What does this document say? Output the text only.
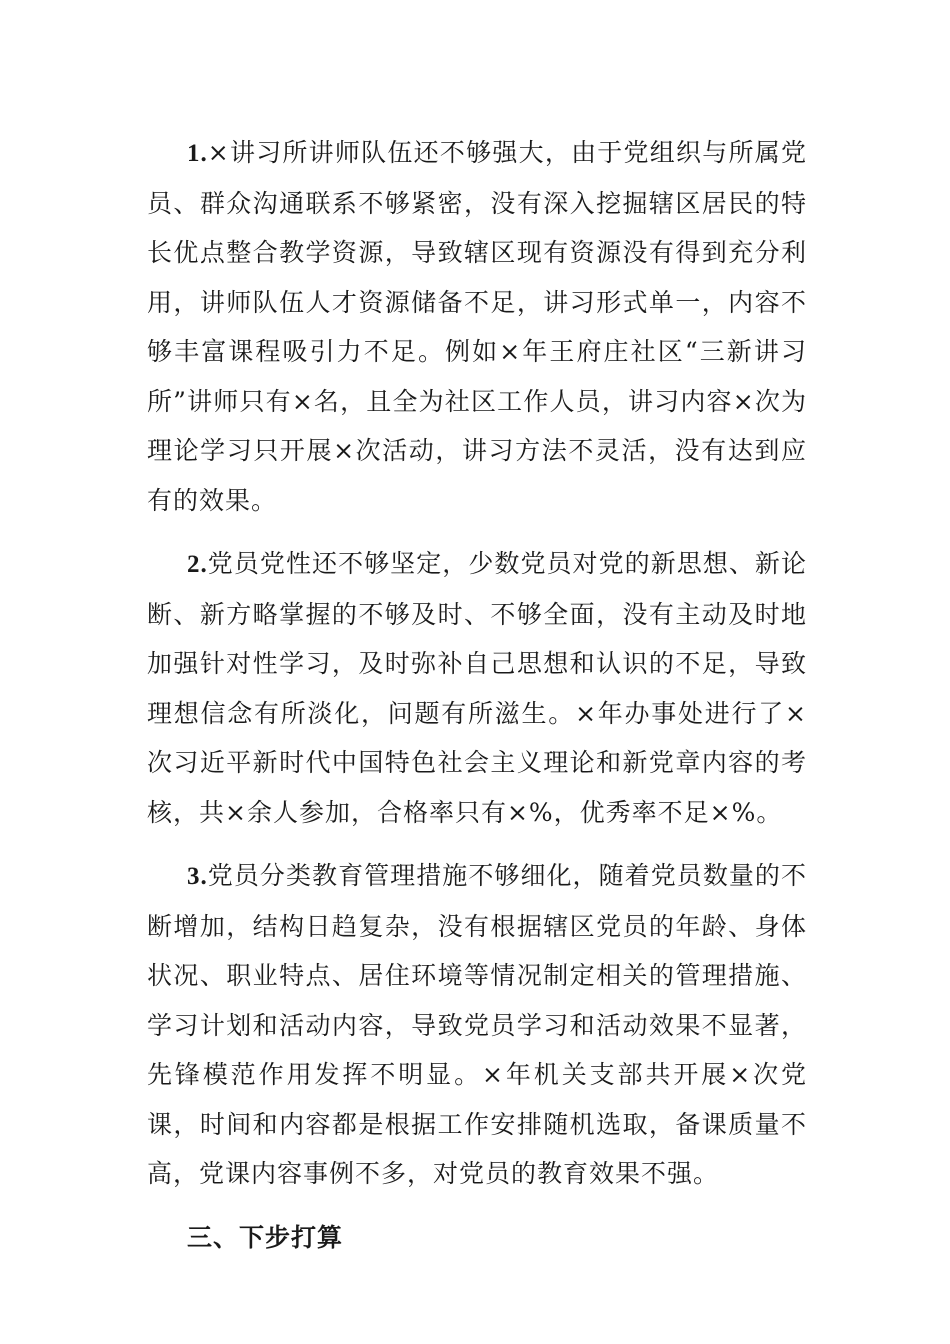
1.×讲习所讲师队伍还不够强大，由于党组织与所属党员、群众沟通联系不够紧密，没有深入挖掘辖区居民的特长优点整合教学资源，导致辖区现有资源没有得到充分利用，讲师队伍人才资源储备不足，讲习形式单一，内容不够丰富课程吸引力不足。例如×年王府庄社区“三新讲习所”讲师只有×名，且全为社区工作人员，讲习内容×次为理论学习只开展×次活动，讲习方法不灵活，没有达到应有的效果。

2.党员党性还不够坚定，少数党员对党的新思想、新论断、新方略掌握的不够及时、不够全面，没有主动及时地加强针对性学习，及时弥补自己思想和认识的不足，导致理想信念有所淡化，问题有所滋生。×年办事处进行了×次习近平新时代中国特色社会主义理论和新党章内容的考核，共×余人参加，合格率只有×%，优秀率不足×%。

3.党员分类教育管理措施不够细化，随着党员数量的不断增加，结构日趋复杂，没有根据辖区党员的年龄、身体状况、职业特点、居住环境等情况制定相关的管理措施、学习计划和活动内容，导致党员学习和活动效果不显著，先锋模范作用发挥不明显。×年机关支部共开展×次党课，时间和内容都是根据工作安排随机选取，备课质量不高，党课内容事例不多，对党员的教育效果不强。

三、下步打算
